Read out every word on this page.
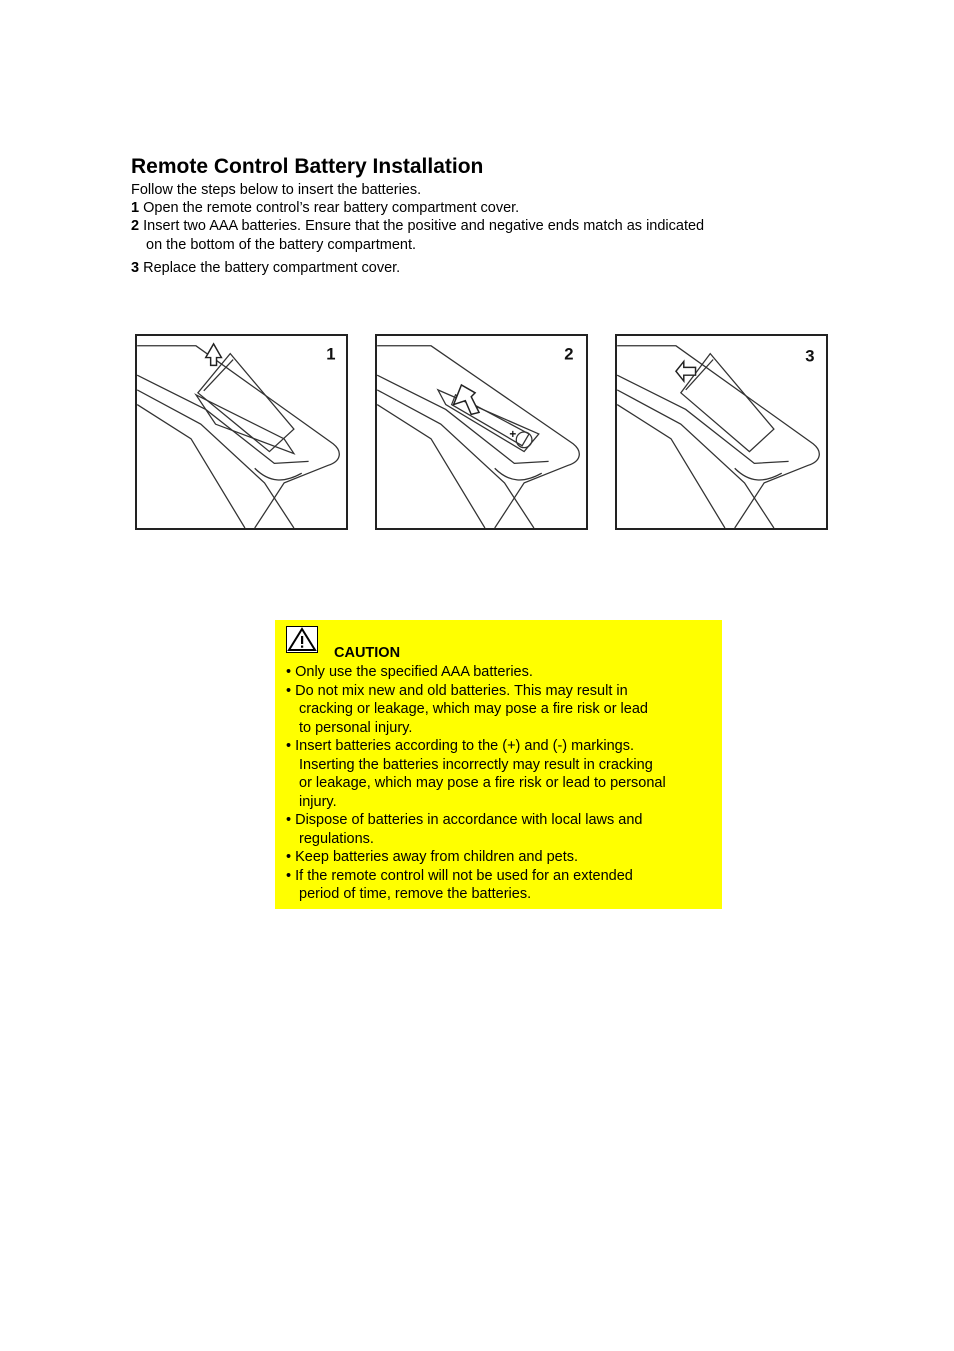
Remote Control Battery Installation
Follow the steps below to insert the batteries.
1 Open the remote control’s rear battery compartment cover.
2 Insert two AAA batteries. Ensure that the positive and negative ends match as indicated
on the bottom of the battery compartment.
3 Replace the battery compartment cover.
1
+
2	3
CAUTION
• Only use the specified AAA batteries.
• Do not mix new and old batteries. This may result in
cracking or leakage, which may pose a fire risk or lead
to personal injury.
• Insert batteries according to the (+) and (-) markings.
Inserting the batteries incorrectly may result in cracking
or leakage, which may pose a fire risk or lead to personal
injury.
• Dispose of batteries in accordance with local laws and
regulations.
• Keep batteries away from children and pets.
• If the remote control will not be used for an extended
period of time, remove the batteries.
